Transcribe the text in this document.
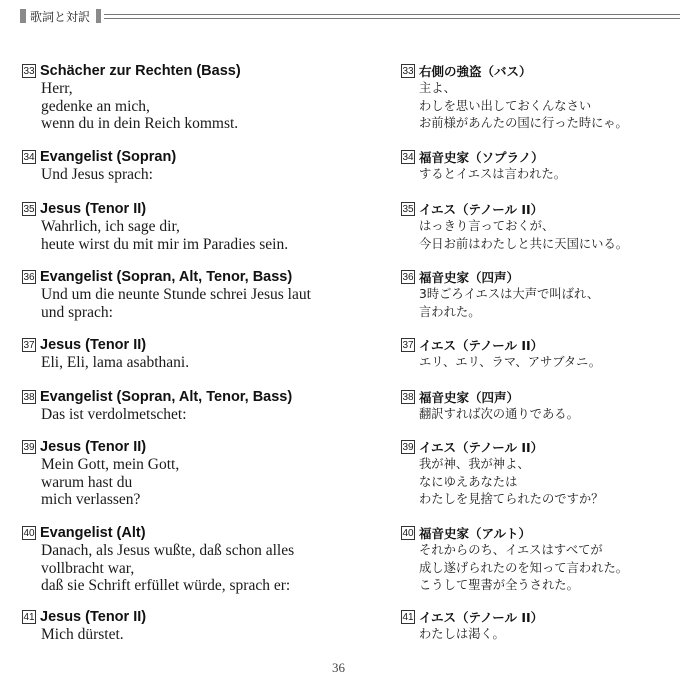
歌詞と対訳
33 Schächer zur Rechten (Bass)
Herr,
gedenke an mich,
wenn du in dein Reich kommst.
34 Evangelist (Sopran)
Und Jesus sprach:
35 Jesus (Tenor II)
Wahrlich, ich sage dir,
heute wirst du mit mir im Paradies sein.
36 Evangelist (Sopran, Alt, Tenor, Bass)
Und um die neunte Stunde schrei Jesus laut
und sprach:
37 Jesus (Tenor II)
Eli, Eli, lama asabthani.
38 Evangelist (Sopran, Alt, Tenor, Bass)
Das ist verdolmetschet:
39 Jesus (Tenor II)
Mein Gott, mein Gott,
warum hast du
mich verlassen?
40 Evangelist (Alt)
Danach, als Jesus wußte, daß schon alles
vollbracht war,
daß sie Schrift erfüllet würde, sprach er:
41 Jesus (Tenor II)
Mich dürstet.
33 右側の強盗（バス）
主よ、
わしを思い出しておくんなさい
お前様があんたの国に行った時にゃ。
34 福音史家（ソプラノ）
するとイエスは言われた。
35 イエス（テノール II）
はっきり言っておくが、
今日お前はわたしと共に天国にいる。
36 福音史家（四声）
3時ごろイエスは大声で叫ばれ、
言われた。
37 イエス（テノール II）
エリ、エリ、ラマ、アサブタニ。
38 福音史家（四声）
翻訳すれば次の通りである。
39 イエス（テノール II）
我が神、我が神よ、
なにゆえあなたは
わたしを見捨てられたのですか？
40 福音史家（アルト）
それからのち、イエスはすべてが
成し遂げられたのを知って言われた。
こうして聖書が全うされた。
41 イエス（テノール II）
わたしは渇く。
36
